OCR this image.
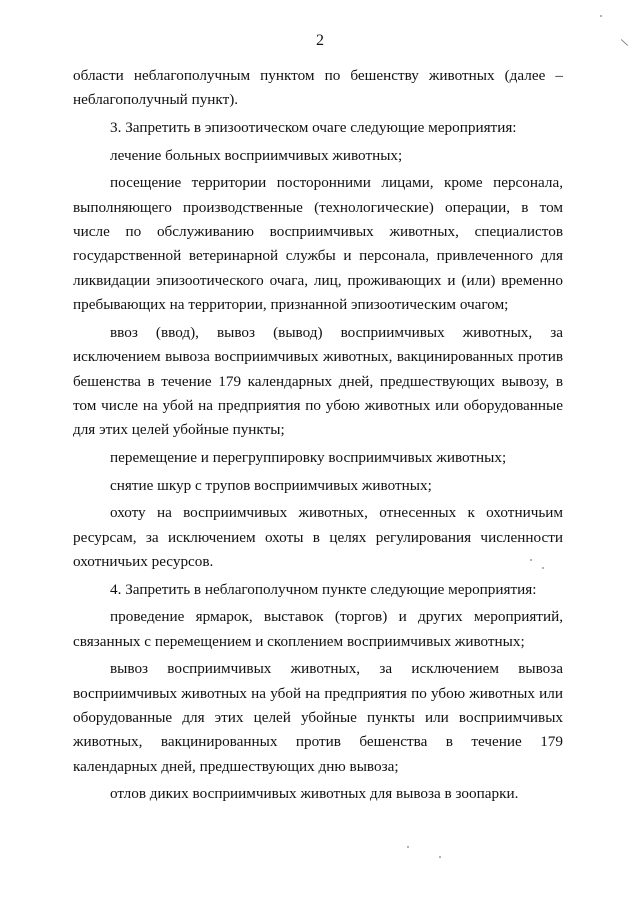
2

области неблагополучным пунктом по бешенству животных (далее – неблагополучный пункт).

3. Запретить в эпизоотическом очаге следующие мероприятия:

лечение больных восприимчивых животных;

посещение территории посторонними лицами, кроме персонала, выполняющего производственные (технологические) операции, в том числе по обслуживанию восприимчивых животных, специалистов государственной ветеринарной службы и персонала, привлеченного для ликвидации эпизоотического очага, лиц, проживающих и (или) временно пребывающих на территории, признанной эпизоотическим очагом;

ввоз (ввод), вывоз (вывод) восприимчивых животных, за исключением вывоза восприимчивых животных, вакцинированных против бешенства в течение 179 календарных дней, предшествующих вывозу, в том числе на убой на предприятия по убою животных или оборудованные для этих целей убойные пункты;

перемещение и перегруппировку восприимчивых животных;

снятие шкур с трупов восприимчивых животных;

охоту на восприимчивых животных, отнесенных к охотничьим ресурсам, за исключением охоты в целях регулирования численности охотничьих ресурсов.

4. Запретить в неблагополучном пункте следующие мероприятия:

проведение ярмарок, выставок (торгов) и других мероприятий, связанных с перемещением и скоплением восприимчивых животных;

вывоз восприимчивых животных, за исключением вывоза восприимчивых животных на убой на предприятия по убою животных или оборудованные для этих целей убойные пункты или восприимчивых животных, вакцинированных против бешенства в течение 179 календарных дней, предшествующих дню вывоза;

отлов диких восприимчивых животных для вывоза в зоопарки.
